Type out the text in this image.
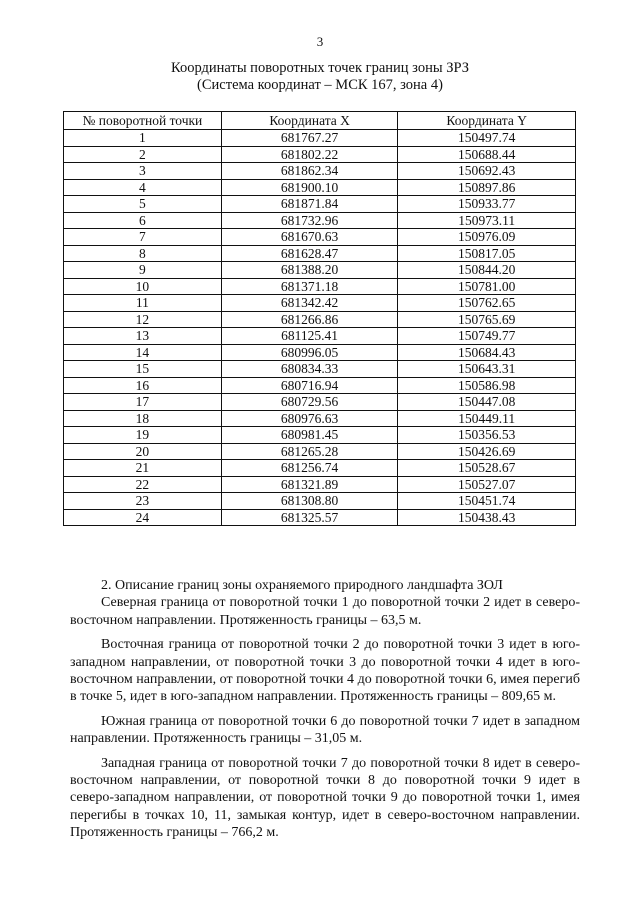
3
Координаты поворотных точек границ зоны ЗРЗ
(Система координат – МСК 167, зона 4)
№ поворотной точки	Координата X	Координата Y
1	681767.27	150497.74
2	681802.22	150688.44
3	681862.34	150692.43
4	681900.10	150897.86
5	681871.84	150933.77
6	681732.96	150973.11
7	681670.63	150976.09
8	681628.47	150817.05
9	681388.20	150844.20
10	681371.18	150781.00
11	681342.42	150762.65
12	681266.86	150765.69
13	681125.41	150749.77
14	680996.05	150684.43
15	680834.33	150643.31
16	680716.94	150586.98
17	680729.56	150447.08
18	680976.63	150449.11
19	680981.45	150356.53
20	681265.28	150426.69
21	681256.74	150528.67
22	681321.89	150527.07
23	681308.80	150451.74
24	681325.57	150438.43

2. Описание границ зоны охраняемого природного ландшафта ЗОЛ

Северная граница от поворотной точки 1 до поворотной точки 2 идет в северо-восточном направлении. Протяженность границы – 63,5 м.

Восточная граница от поворотной точки 2 до поворотной точки 3 идет в юго-западном направлении, от поворотной точки 3 до поворотной точки 4 идет в юго-восточном направлении, от поворотной точки 4 до поворотной точки 6, имея перегиб в точке 5, идет в юго-западном направлении. Протяженность границы – 809,65 м.

Южная граница от поворотной точки 6 до поворотной точки 7 идет в западном направлении. Протяженность границы – 31,05 м.

Западная граница от поворотной точки 7 до поворотной точки 8 идет в северо-восточном направлении, от поворотной точки 8 до поворотной точки 9 идет в северо-западном направлении, от поворотной точки 9 до поворотной точки 1, имея перегибы в точках 10, 11, замыкая контур, идет в северо-восточном направлении. Протяженность границы – 766,2 м.
